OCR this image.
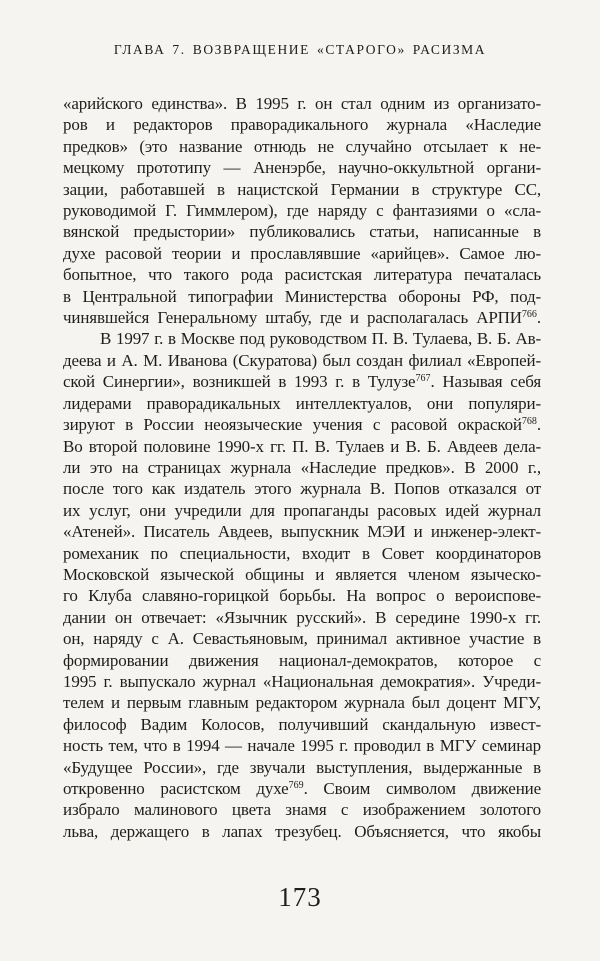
ГЛАВА 7. ВОЗВРАЩЕНИЕ «СТАРОГО» РАСИЗМА
«арийского единства». В 1995 г. он стал одним из организато-
ров и редакторов праворадикального журнала «Наследие
предков» (это название отнюдь не случайно отсылает к не-
мецкому прототипу — Аненэрбе, научно-оккультной органи-
зации, работавшей в нацистской Германии в структуре СС,
руководимой Г. Гиммлером), где наряду с фантазиями о «сла-
вянской предыстории» публиковались статьи, написанные в
духе расовой теории и прославлявшие «арийцев». Самое лю-
бопытное, что такого рода расистская литература печаталась
в Центральной типографии Министерства обороны РФ, под-
чинявшейся Генеральному штабу, где и располагалась АРПИ$^{766}$.
В 1997 г. в Москве под руководством П. В. Тулаева, В. Б. Ав-
деева и А. М. Иванова (Скуратова) был создан филиал «Европей-
ской Синергии», возникшей в 1993 г. в Тулузе$^{767}$. Называя себя
лидерами праворадикальных интеллектуалов, они популяри-
зируют в России неоязыческие учения с расовой окраской$^{768}$.
Во второй половине 1990-х гг. П. В. Тулаев и В. Б. Авдеев дела-
ли это на страницах журнала «Наследие предков». В 2000 г.,
после того как издатель этого журнала В. Попов отказался от
их услуг, они учредили для пропаганды расовых идей журнал
«Атеней». Писатель Авдеев, выпускник МЭИ и инженер-элект-
ромеханик по специальности, входит в Совет координаторов
Московской языческой общины и является членом языческо-
го Клуба славяно-горицкой борьбы. На вопрос о вероиспове-
дании он отвечает: «Язычник русский». В середине 1990-х гг.
он, наряду с А. Севастьяновым, принимал активное участие в
формировании движения национал-демократов, которое с
1995 г. выпускало журнал «Национальная демократия». Учреди-
телем и первым главным редактором журнала был доцент МГУ,
философ Вадим Колосов, получивший скандальную извест-
ность тем, что в 1994 — начале 1995 г. проводил в МГУ семинар
«Будущее России», где звучали выступления, выдержанные в
откровенно расистском духе$^{769}$. Своим символом движение
избрало малинового цвета знамя с изображением золотого
льва, держащего в лапах трезубец. Объясняется, что якобы
173
